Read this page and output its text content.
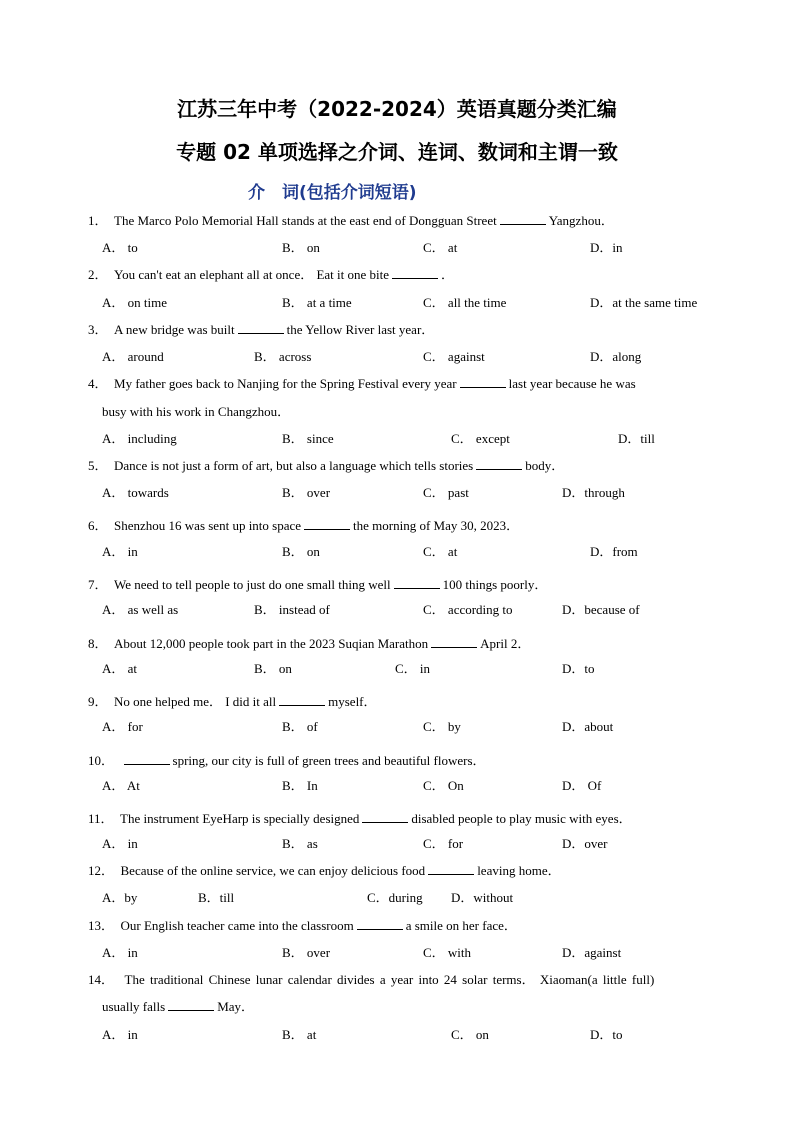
江苏三年中考（2022-2024）英语真题分类汇编
专题 02 单项选择之介词、连词、数词和主谓一致
介　词(包括介词短语)
1． The Marco Polo Memorial Hall stands at the east end of Dongguan Street	Yangzhou．
A． to	B． on	C． at	D．in
2． You can't eat an elephant all at once． Eat it one bite	．
A． on time	B． at a time	C． all the time	D．at the same time
3． A new bridge was built	the Yellow River last year．
A． around	B． across	C． against	D．along
4． My father goes back to Nanjing for the Spring Festival every year	last year because he was
busy with his work in Changzhou．
A． including	B． since	C． except	D．till
5． Dance is not just a form of art, but also a language which tells stories	body．
A． towards	B． over	C． past	D．through
6． Shenzhou 16 was sent up into space	the morning of May 30, 2023．
A． in	B． on	C． at	D．from
7． We need to tell people to just do one small thing well	100 things poorly．
A． as well as	B． instead of	C． according to	D．because of
8． About 12,000 people took part in the 2023 Suqian Marathon	April 2．
A． at	B． on	C． in	D．to
9． No one helped me． I did it all	myself．
A． for	B． of	C． by	D．about
10．	spring, our city is full of green trees and beautiful flowers．
A． At	B． In	C． On	D． Of
11． The instrument EyeHarp is specially designed	disabled people to play music with eyes．
A． in	B． as	C． for	D．over
12． Because of the online service, we can enjoy delicious food	leaving home．
A．by	B．till	C．during D．without
13． Our English teacher came into the classroom	a smile on her face．
A． in	B． over	C． with	D．against
14． The traditional Chinese lunar calendar divides a year into 24 solar terms． Xiaoman(a little full)
usually falls	May．
A． in	B． at	C． on	D．to
